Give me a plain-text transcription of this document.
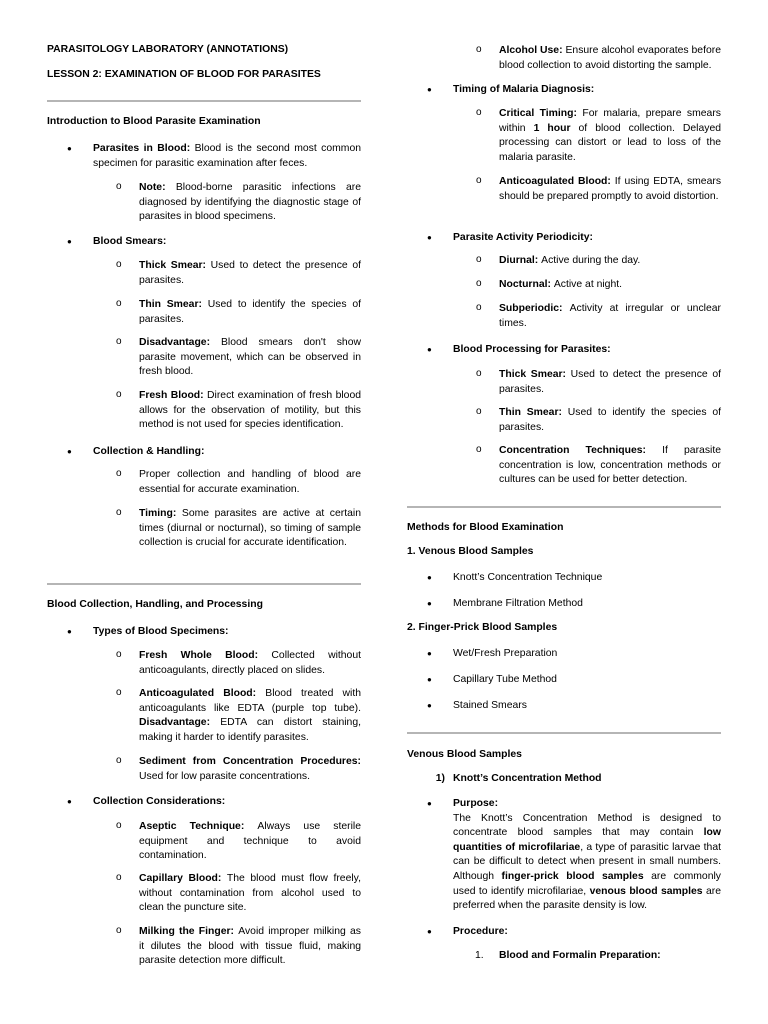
PARASITOLOGY LABORATORY (ANNOTATIONS)
LESSON 2: EXAMINATION OF BLOOD FOR PARASITES
Introduction to Blood Parasite Examination
● Parasites in Blood: Blood is the second most common specimen for parasitic examination after feces.
o Note: Blood-borne parasitic infections are diagnosed by identifying the diagnostic stage of parasites in blood specimens.
● Blood Smears:
o Thick Smear: Used to detect the presence of parasites.
o Thin Smear: Used to identify the species of parasites.
o Disadvantage: Blood smears don't show parasite movement, which can be observed in fresh blood.
o Fresh Blood: Direct examination of fresh blood allows for the observation of motility, but this method is not used for species identification.
● Collection & Handling:
o Proper collection and handling of blood are essential for accurate examination.
o Timing: Some parasites are active at certain times (diurnal or nocturnal), so timing of sample collection is crucial for accurate identification.
Blood Collection, Handling, and Processing
● Types of Blood Specimens:
o Fresh Whole Blood: Collected without anticoagulants, directly placed on slides.
o Anticoagulated Blood: Blood treated with anticoagulants like EDTA (purple top tube). Disadvantage: EDTA can distort staining, making it harder to identify parasites.
o Sediment from Concentration Procedures:Used for low parasite concentrations.
● Collection Considerations:
o Aseptic Technique: Always use sterile equipment and technique to avoid contamination.
o Capillary Blood: The blood must flow freely, without contamination from alcohol used to clean the puncture site.
o Milking the Finger: Avoid improper milking as it dilutes the blood with tissue fluid, making parasite detection more difficult.
o Alcohol Use: Ensure alcohol evaporates before blood collection to avoid distorting the sample.
● Timing of Malaria Diagnosis:
o Critical Timing: For malaria, prepare smears within 1 hour of blood collection. Delayed processing can distort or lead to loss of the malaria parasite.
o Anticoagulated Blood: If using EDTA, smears should be prepared promptly to avoid distortion.
● Parasite Activity Periodicity:
o Diurnal: Active during the day.
o Nocturnal: Active at night.
o Subperiodic: Activity at irregular or unclear times.
● Blood Processing for Parasites:
o Thick Smear: Used to detect the presence of parasites.
o Thin Smear: Used to identify the species of parasites.
o Concentration Techniques: If parasite concentration is low, concentration methods or cultures can be used for better detection.
Methods for Blood Examination
1. Venous Blood Samples
● Knott’s Concentration Technique
● Membrane Filtration Method
2. Finger-Prick Blood Samples
● Wet/Fresh Preparation
● Capillary Tube Method
● Stained Smears
Venous Blood Samples
1) Knott’s Concentration Method
● Purpose:
The Knott’s Concentration Method is designed to concentrate blood samples that may contain low quantities of microfilariae, a type of parasitic larvae that can be difficult to detect when present in small numbers. Although finger-prick blood samples are commonly used to identify microfilariae, venous blood samples are preferred when the parasite density is low.
● Procedure:
1. Blood and Formalin Preparation:
